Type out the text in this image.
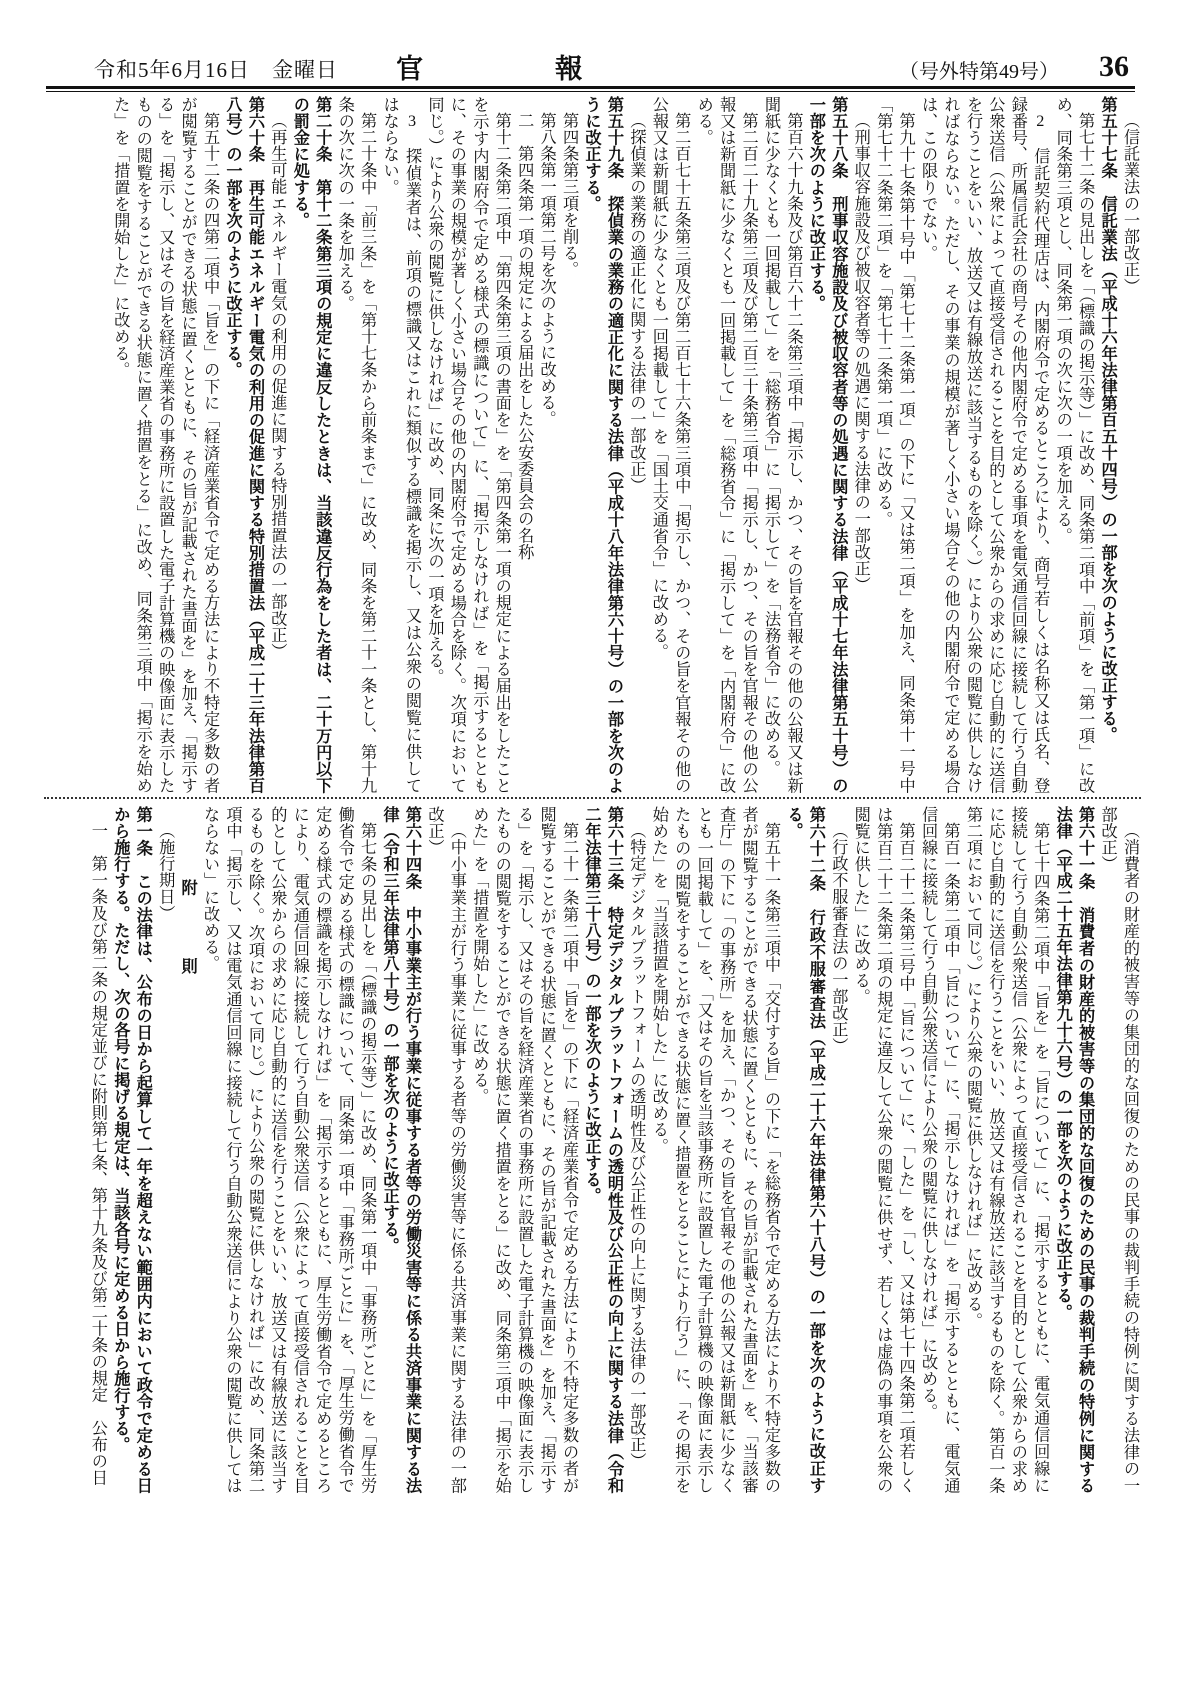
令和5年6月16日　金曜日 官　　報	（号外特第49号） 36
（信託業法の一部改正）
第五十七条　信託業法（平成十六年法律第百五十四号）の一部を次のように改正する。
第七十二条の見出しを「（標識の掲示等）」に改め、同条第二項中「前項」を「第一項」に改め、同条第三項とし、同条第一項の次に次の一項を加える。
2　信託契約代理店は、内閣府令で定めるところにより、商号若しくは名称又は氏名、登録番号、所属信託会社の商号その他内閣府令で定める事項を電気通信回線に接続して行う自動公衆送信（公衆によって直接受信されることを目的として公衆からの求めに応じ自動的に送信を行うことをいい、放送又は有線放送に該当するものを除く。）により公衆の閲覧に供しなければならない。ただし、その事業の規模が著しく小さい場合その他の内閣府令で定める場合は、この限りでない。
第九十七条第十号中「第七十二条第一項」の下に「又は第二項」を加え、同条第十一号中「第七十二条第二項」を「第七十二条第一項」に改める。
（刑事収容施設及び被収容者等の処遇に関する法律の一部改正）
第五十八条　刑事収容施設及び被収容者等の処遇に関する法律（平成十七年法律第五十号）の一部を次のように改正する。
第百六十九条及び第百六十二条第三項中「掲示し、かつ、その旨を官報その他の公報又は新聞紙に少なくとも一回掲載して」を「総務省令」に「掲示して」を「法務省令」に改める。
第二百二十九条第三項及び第二百三十条第三項中「掲示し、かつ、その旨を官報その他の公報又は新聞紙に少なくとも一回掲載して」を「総務省令」に「掲示して」を「内閣府令」に改める。
第二百七十五条第三項及び第二百七十六条第三項中「掲示し、かつ、その旨を官報その他の公報又は新聞紙に少なくとも一回掲載して」を「国土交通省令」に改める。
（探偵業の業務の適正化に関する法律の一部改正）
第五十九条　探偵業の業務の適正化に関する法律（平成十八年法律第六十号）の一部を次のように改正する。
第四条第三項を削る。
第八条第一項第二号を次のように改める。
二　第四条第一項の規定による届出をした公安委員会の名称
第十二条第二項中「第四条第三項の書面を」を「第四条第一項の規定による届出をしたことを示す内閣府令で定める様式の標識について」に、「掲示しなければ」を「掲示するとともに、その事業の規模が著しく小さい場合その他の内閣府令で定める場合を除く。次項において同じ。）により公衆の閲覧に供しなければ」に改め、同条に次の一項を加える。
3　探偵業者は、前項の標識又はこれに類似する標識を掲示し、又は公衆の閲覧に供してはならない。
第二十条中「前三条」を「第十七条から前条まで」に改め、同条を第二十一条とし、第十九条の次に次の一条を加える。
第二十条　第十二条第三項の規定に違反したときは、当該違反行為をした者は、二十万円以下の罰金に処する。
（再生可能エネルギー電気の利用の促進に関する特別措置法の一部改正）
第六十条　再生可能エネルギー電気の利用の促進に関する特別措置法（平成二十三年法律第百八号）の一部を次のように改正する。
第五十二条の四第二項中「旨を」の下に「経済産業省令で定める方法により不特定多数の者が閲覧することができる状態に置くとともに、その旨が記載された書面を」を加え、「掲示する」を「掲示し、又はその旨を経済産業省の事務所に設置した電子計算機の映像面に表示したものの閲覧をすることができる状態に置く措置をとる」に改め、同条第三項中「掲示を始めた」を「措置を開始した」に改める。
（消費者の財産的被害等の集団的な回復のための民事の裁判手続の特例に関する法律の一部改正）
第六十一条　消費者の財産的被害等の集団的な回復のための民事の裁判手続の特例に関する法律（平成二十五年法律第九十六号）の一部を次のように改正する。
第七十四条第二項中「旨を」を「旨について」に、「掲示するとともに、電気通信回線に接続して行う自動公衆送信（公衆によって直接受信されることを目的として公衆からの求めに応じ自動的に送信を行うことをいい、放送又は有線放送に該当するものを除く。第百一条第二項において同じ。）により公衆の閲覧に供しなければ」に改める。
第百一条第二項中「旨について」に、「掲示しなければ」を「掲示するとともに、電気通信回線に接続して行う自動公衆送信により公衆の閲覧に供しなければ」に改める。
第百二十二条第三号中「旨について」に、「した」を「し、又は第七十四条第二項若しくは第百二十二条第二項の規定に違反して公衆の閲覧に供せず、若しくは虚偽の事項を公衆の閲覧に供した」に改める。
（行政不服審査法の一部改正）
第六十二条　行政不服審査法（平成二十六年法律第六十八号）の一部を次のように改正する。
第五十一条第三項中「交付する旨」の下に「を総務省令で定める方法により不特定多数の者が閲覧することができる状態に置くとともに、その旨が記載された書面を」を、「当該審査庁」の下に「の事務所」を加え、「かつ、その旨を官報その他の公報又は新聞紙に少なくとも一回掲載して」を、「又はその旨を当該事務所に設置した電子計算機の映像面に表示したものの閲覧をすることができる状態に置く措置をとることにより行う」に、「その掲示を始めた」を「当該措置を開始した」に改める。
（特定デジタルプラットフォームの透明性及び公正性の向上に関する法律の一部改正）
第六十三条　特定デジタルプラットフォームの透明性及び公正性の向上に関する法律（令和二年法律第三十八号）の一部を次のように改正する。
第二十一条第二項中「旨を」の下に「経済産業省令で定める方法により不特定多数の者が閲覧することができる状態に置くとともに、その旨が記載された書面を」を加え、「掲示する」を「掲示し、又はその旨を経済産業省の事務所に設置した電子計算機の映像面に表示したものの閲覧をすることができる状態に置く措置をとる」に改め、同条第三項中「掲示を始めた」を「措置を開始した」に改める。
（中小事業主が行う事業に従事する者等の労働災害等に係る共済事業に関する法律の一部改正）
第六十四条　中小事業主が行う事業に従事する者等の労働災害等に係る共済事業に関する法律（令和三年法律第八十号）の一部を次のように改正する。
第七条の見出しを「（標識の掲示等）」に改め、同条第一項中「事務所ごとに」を「厚生労働省令で定める様式の標識について、同条第一項中「事務所ごとに」を、「厚生労働省令で定める様式の標識を掲示しなければ」を「掲示するとともに、厚生労働省令で定めるところにより、電気通信回線に接続して行う自動公衆送信（公衆によって直接受信されることを目的として公衆からの求めに応じ自動的に送信を行うことをいい、放送又は有線放送に該当するものを除く。次項において同じ。）により公衆の閲覧に供しなければ」に改め、同条第二項中「掲示し、又は電気通信回線に接続して行う自動公衆送信により公衆の閲覧に供してはならない」に改める。
附　　則
（施行期日）
第一条　この法律は、公布の日から起算して一年を超えない範囲内において政令で定める日から施行する。ただし、次の各号に掲げる規定は、当該各号に定める日から施行する。
一　第一条及び第二条の規定並びに附則第七条、第十九条及び第二十条の規定　公布の日
